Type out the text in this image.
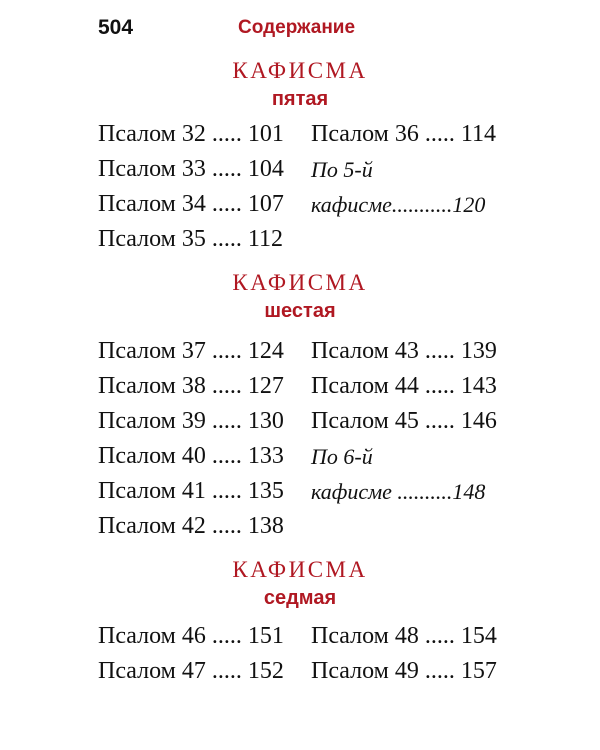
504	Содержание
КАФИСМА
пятая
Псалом 32 ..... 101
Псалом 33 ..... 104
Псалом 34 ..... 107
Псалом 35 ..... 112
Псалом 36 ..... 114
По 5-й
кафисме...........120
КАФИСМА
шестая
Псалом 37 ..... 124
Псалом 38 ..... 127
Псалом 39 ..... 130
Псалом 40 ..... 133
Псалом 41 ..... 135
Псалом 42 ..... 138
Псалом 43 ..... 139
Псалом 44 ..... 143
Псалом 45 ..... 146
По 6-й
кафисме ..........148
КАФИСМА
седмая
Псалом 46 ..... 151
Псалом 47 ..... 152
Псалом 48 ..... 154
Псалом 49 ..... 157
